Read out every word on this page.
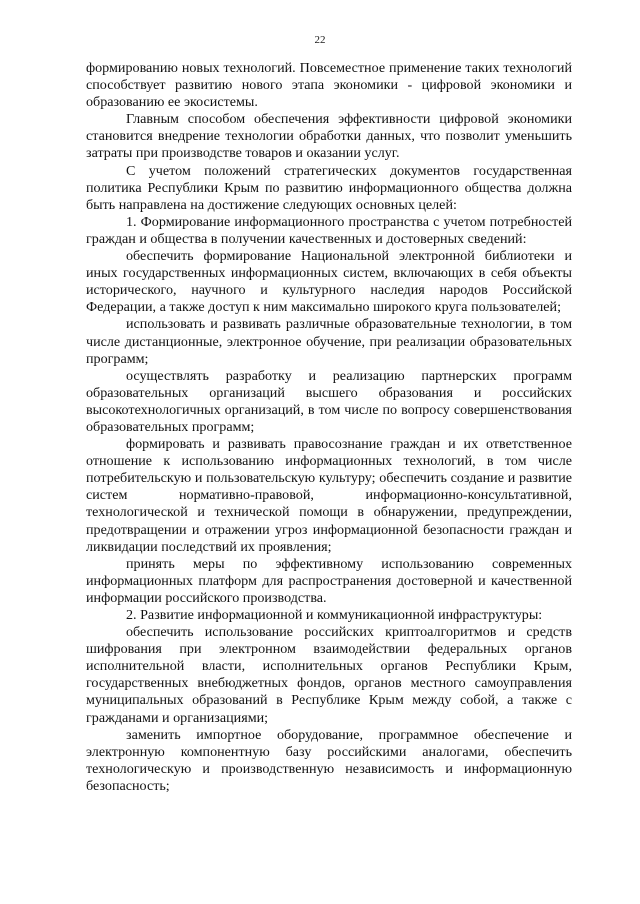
22

формированию новых технологий. Повсеместное применение таких технологий способствует развитию нового этапа экономики - цифровой экономики и образованию ее экосистемы.

Главным способом обеспечения эффективности цифровой экономики становится внедрение технологии обработки данных, что позволит уменьшить затраты при производстве товаров и оказании услуг.

С учетом положений стратегических документов государственная политика Республики Крым по развитию информационного общества должна быть направлена на достижение следующих основных целей:

1. Формирование информационного пространства с учетом потребностей граждан и общества в получении качественных и достоверных сведений:

обеспечить формирование Национальной электронной библиотеки и иных государственных информационных систем, включающих в себя объекты исторического, научного и культурного наследия народов Российской Федерации, а также доступ к ним максимально широкого круга пользователей;

использовать и развивать различные образовательные технологии, в том числе дистанционные, электронное обучение, при реализации образовательных программ;

осуществлять разработку и реализацию партнерских программ образовательных организаций высшего образования и российских высокотехнологичных организаций, в том числе по вопросу совершенствования образовательных программ;

формировать и развивать правосознание граждан и их ответственное отношение к использованию информационных технологий, в том числе потребительскую и пользовательскую культуру; обеспечить создание и развитие систем нормативно-правовой, информационно-консультативной, технологической и технической помощи в обнаружении, предупреждении, предотвращении и отражении угроз информационной безопасности граждан и ликвидации последствий их проявления;

принять меры по эффективному использованию современных информационных платформ для распространения достоверной и качественной информации российского производства.

2. Развитие информационной и коммуникационной инфраструктуры:

обеспечить использование российских криптоалгоритмов и средств шифрования при электронном взаимодействии федеральных органов исполнительной власти, исполнительных органов Республики Крым, государственных внебюджетных фондов, органов местного самоуправления муниципальных образований в Республике Крым между собой, а также с гражданами и организациями;

заменить импортное оборудование, программное обеспечение и электронную компонентную базу российскими аналогами, обеспечить технологическую и производственную независимость и информационную безопасность;
